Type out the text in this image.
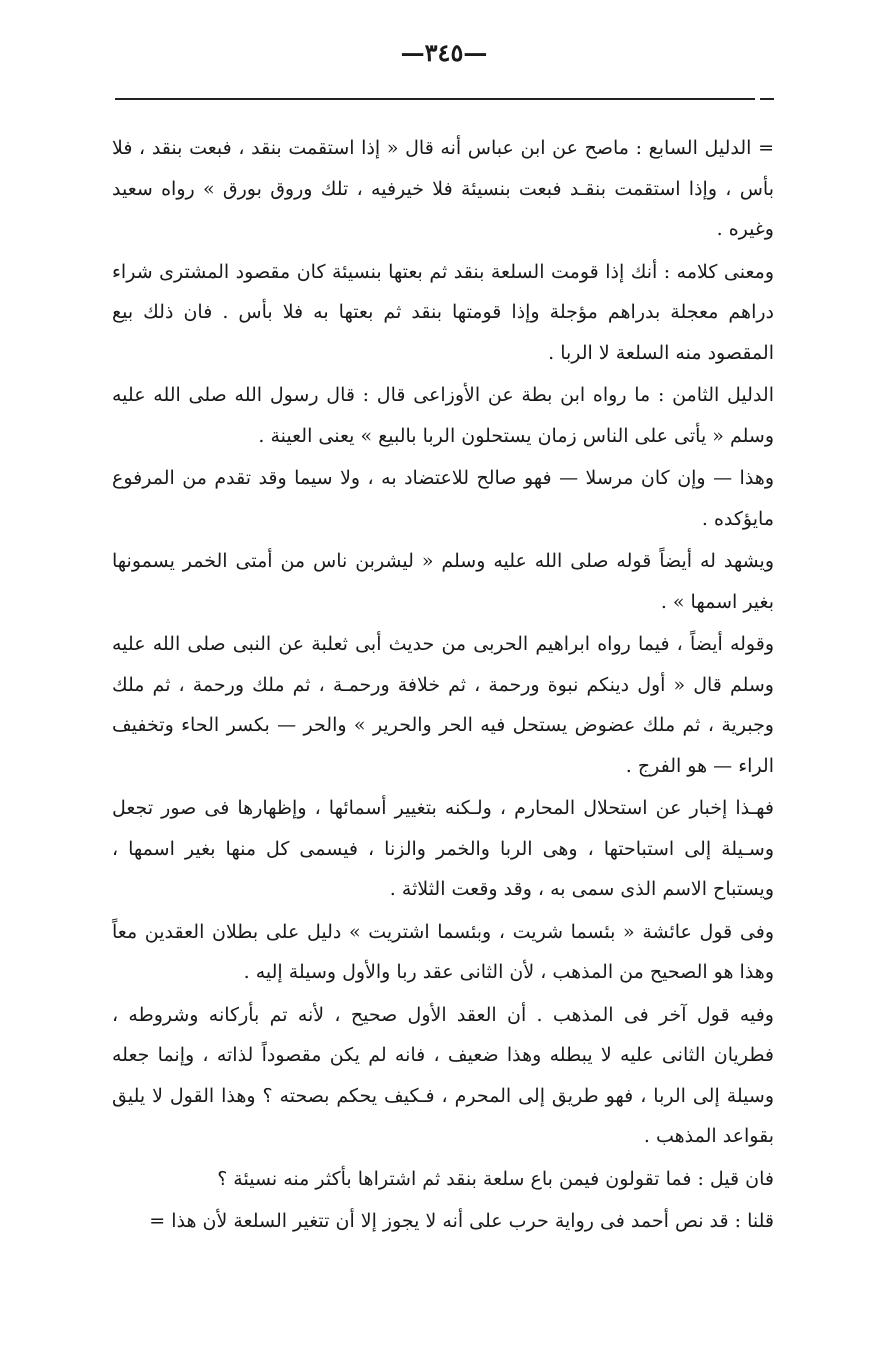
—٣٤٥—

= الدليل السابع : ماصح عن ابن عباس أنه قال « إذا استقمت بنقد ، فبعت بنقد ، فلا بأس ، وإذا استقمت بنقـد فبعت بنسيئة فلا خيرفيه ، تلك وروق بورق » رواه سعيد وغيره .

ومعنى كلامه : أنك إذا قومت السلعة بنقد ثم بعتها بنسيئة كان مقصود المشترى شراء دراهم معجلة بدراهم مؤجلة وإذا قومتها بنقد ثم بعتها به فلا بأس . فان ذلك بيع المقصود منه السلعة لا الربا .

الدليل الثامن : ما رواه ابن بطة عن الأوزاعى قال : قال رسول الله صلى الله عليه وسلم « يأتى على الناس زمان يستحلون الربا بالبيع » يعنى العينة .

وهذا — وإن كان مرسلا — فهو صالح للاعتضاد به ، ولا سيما وقد تقدم من المرفوع مايؤكده .

ويشهد له أيضاً قوله صلى الله عليه وسلم « ليشربن ناس من أمتى الخمر يسمونها بغير اسمها » .

وقوله أيضاً ، فيما رواه ابراهيم الحربى من حديث أبى ثعلبة عن النبى صلى الله عليه وسلم قال « أول دينكم نبوة ورحمة ، ثم خلافة ورحمـة ، ثم ملك ورحمة ، ثم ملك وجبرية ، ثم ملك عضوض يستحل فيه الحر والحرير » والحر — بكسر الحاء وتخفيف الراء — هو الفرج .

فهـذا إخبار عن استحلال المحارم ، ولـكنه بتغيير أسمائها ، وإظهارها فى صور تجعل وسـيلة إلى استباحتها ، وهى الربا والخمر والزنا ، فيسمى كل منها بغير اسمها ، ويستباح الاسم الذى سمى به ، وقد وقعت الثلاثة .

وفى قول عائشة « بئسما شريت ، وبئسما اشتريت » دليل على بطلان العقدين معاً وهذا هو الصحيح من المذهب ، لأن الثانى عقد ربا والأول وسيلة إليه .

وفيه قول آخر فى المذهب . أن العقد الأول صحيح ، لأنه تم بأركانه وشروطه ، فطريان الثانى عليه لا يبطله وهذا ضعيف ، فانه لم يكن مقصوداً لذاته ، وإنما جعله وسيلة إلى الربا ، فهو طريق إلى المحرم ، فـكيف يحكم بصحته ؟ وهذا القول لا يليق بقواعد المذهب .

فان قيل : فما تقولون فيمن باع سلعة بنقد ثم اشتراها بأكثر منه نسيئة ؟

قلنا : قد نص أحمد فى رواية حرب على أنه لا يجوز إلا أن تتغير السلعة لأن هذا =
